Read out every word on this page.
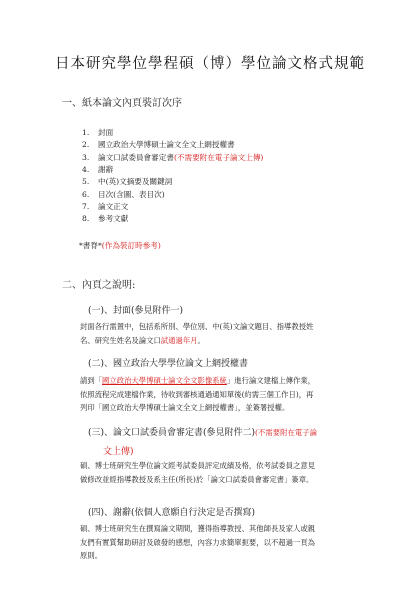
日本研究學位學程碩（博）學位論文格式規範
一、紙本論文內頁裝訂次序
1. 封面
2. 國立政治大學博碩士論文全文上網授權書
3. 論文口試委員會審定書(不需要附在電子論文上傳)
4. 謝辭
5. 中(英)文摘要及關鍵詞
6. 目次(含圖、表目次)
7. 論文正文
8. 參考文獻
*書脊*(作為裝訂時參考)
二、內頁之說明:
(一)、封面(參見附件一)
封面各行需置中，包括系所別、學位別、中(英)文論文題目、指導教授姓
名、研究生姓名及論文口試通過年月。
(二)、國立政治大學學位論文上網授權書
請到「國立政治大學博碩士論文全文影像系統」進行論文建檔上傳作業，
依照流程完成建檔作業，待收到審核通過通知單後(約需三個工作日)，再
列印「國立政治大學博碩士論文全文上網授權書」，並簽署授權。
(三)、論文口試委員會審定書(參見附件二)(不需要附在電子論
文上傳)
碩、博士班研究生學位論文經考試委員評定成績及格，依考試委員之意見
做修改並經指導教授及系主任(所長)於「論文口試委員會審定書」簽章。
(四)、謝辭(依個人意願自行決定是否撰寫)
碩、博士班研究生在撰寫論文期間，獲得指導教授、其他師長及家人或親
友們有實質幫助研討及啟發的感想，內容力求簡單扼要，以不超過一頁為
原則。
